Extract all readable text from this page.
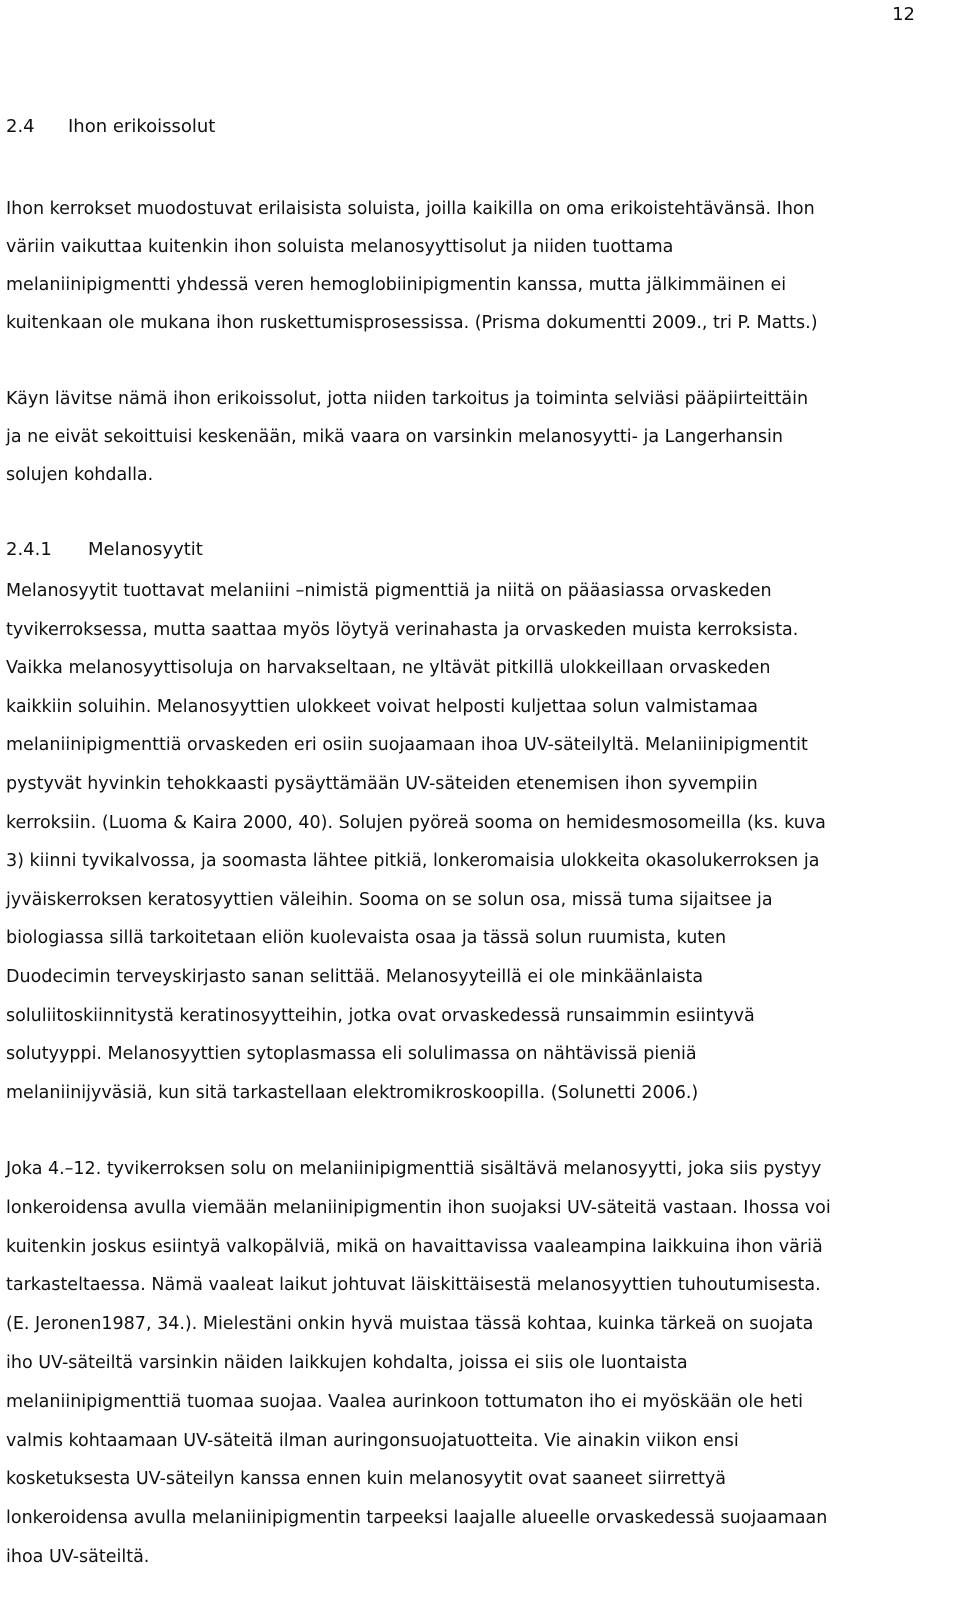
12
2.4 Ihon erikoissolut
Ihon kerrokset muodostuvat erilaisista soluista, joilla kaikilla on oma erikoistehtävänsä. Ihon
väriin vaikuttaa kuitenkin ihon soluista melanosyyttisolut ja niiden tuottama
melaniinipigmentti yhdessä veren hemoglobiinipigmentin kanssa, mutta jälkimmäinen ei
kuitenkaan ole mukana ihon ruskettumisprosessissa. (Prisma dokumentti 2009., tri P. Matts.)
Käyn lävitse nämä ihon erikoissolut, jotta niiden tarkoitus ja toiminta selviäsi pääpiirteittäin
ja ne eivät sekoittuisi keskenään, mikä vaara on varsinkin melanosyytti- ja Langerhansin
solujen kohdalla.
2.4.1 Melanosyytit
Melanosyytit tuottavat melaniini –nimistä pigmenttiä ja niitä on pääasiassa orvaskeden
tyvikerroksessa, mutta saattaa myös löytyä verinahasta ja orvaskeden muista kerroksista.
Vaikka melanosyyttisoluja on harvakseltaan, ne yltävät pitkillä ulokkeillaan orvaskeden
kaikkiin soluihin. Melanosyyttien ulokkeet voivat helposti kuljettaa solun valmistamaa
melaniinipigmenttiä orvaskeden eri osiin suojaamaan ihoa UV-säteilyltä. Melaniinipigmentit
pystyvät hyvinkin tehokkaasti pysäyttämään UV-säteiden etenemisen ihon syvempiin
kerroksiin. (Luoma & Kaira 2000, 40). Solujen pyöreä sooma on hemidesmosomeilla (ks. kuva
3) kiinni tyvikalvossa, ja soomasta lähtee pitkiä, lonkeromaisia ulokkeita okasolukerroksen ja
jyväiskerroksen keratosyyttien väleihin. Sooma on se solun osa, missä tuma sijaitsee ja
biologiassa sillä tarkoitetaan eliön kuolevaista osaa ja tässä solun ruumista, kuten
Duodecimin terveyskirjasto sanan selittää. Melanosyyteillä ei ole minkäänlaista
soluliitoskiinnitystä keratinosyytteihin, jotka ovat orvaskedessä runsaimmin esiintyvä
solutyyppi. Melanosyyttien sytoplasmassa eli solulimassa on nähtävissä pieniä
melaniinijyväsiä, kun sitä tarkastellaan elektromikroskoopilla. (Solunetti 2006.)
Joka 4.–12. tyvikerroksen solu on melaniinipigmenttiä sisältävä melanosyytti, joka siis pystyy
lonkeroidensa avulla viemään melaniinipigmentin ihon suojaksi UV-säteitä vastaan. Ihossa voi
kuitenkin joskus esiintyä valkopälviä, mikä on havaittavissa vaaleampina laikkuina ihon väriä
tarkasteltaessa. Nämä vaaleat laikut johtuvat läiskittäisestä melanosyyttien tuhoutumisesta.
(E. Jeronen1987, 34.). Mielestäni onkin hyvä muistaa tässä kohtaa, kuinka tärkeä on suojata
iho UV-säteiltä varsinkin näiden laikkujen kohdalta, joissa ei siis ole luontaista
melaniinipigmenttiä tuomaa suojaa. Vaalea aurinkoon tottumaton iho ei myöskään ole heti
valmis kohtaamaan UV-säteitä ilman auringonsuojatuotteita. Vie ainakin viikon ensi
kosketuksesta UV-säteilyn kanssa ennen kuin melanosyytit ovat saaneet siirrettyä
lonkeroidensa avulla melaniinipigmentin tarpeeksi laajalle alueelle orvaskedessä suojaamaan
ihoa UV-säteiltä.
